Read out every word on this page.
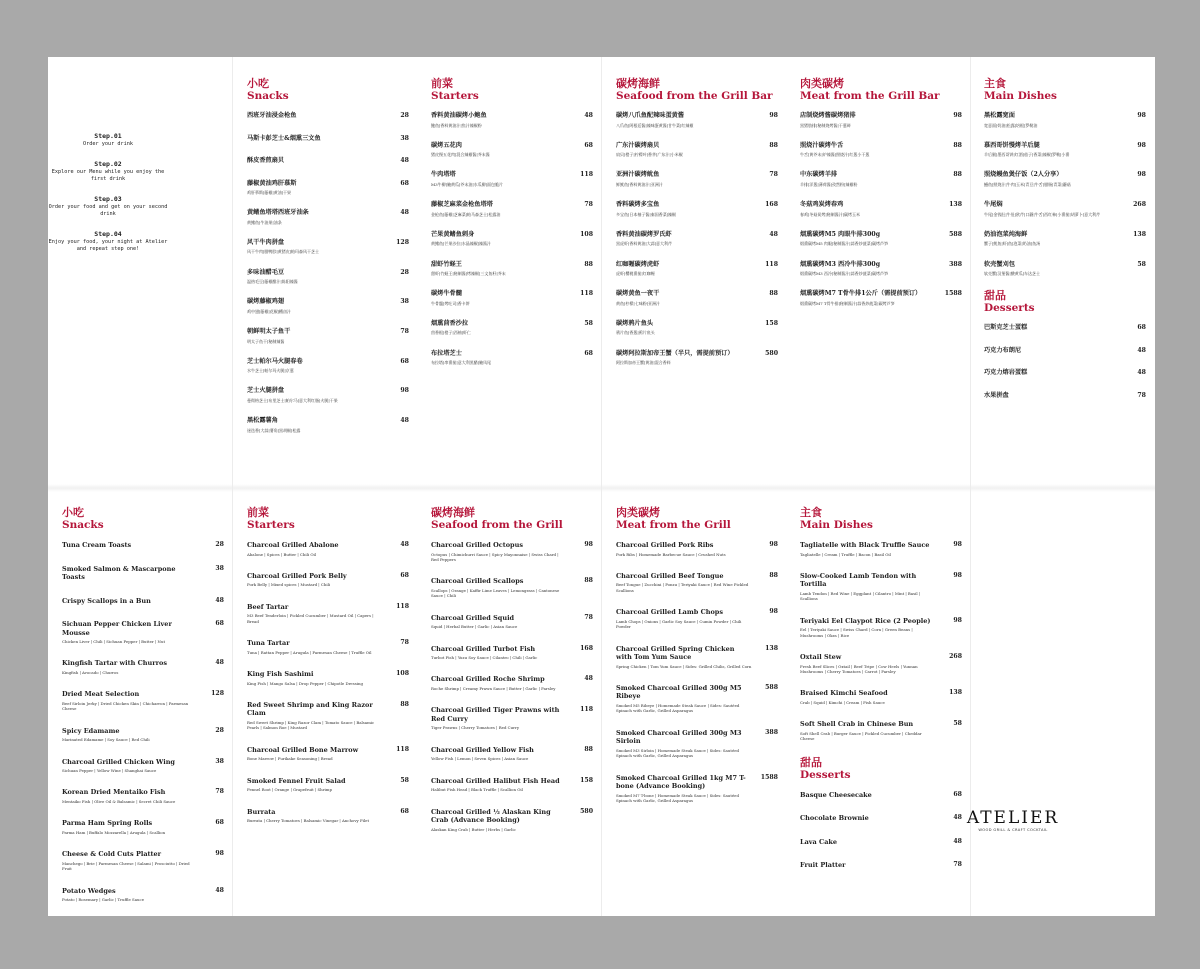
Step.01
Order your drink
Step.02
Explore our Menu while you enjoy the first drink
Step.03
Order your food and get on your second drink
Step.04
Enjoy your food, your night at Atelier and repeat step one!
小吃
Snacks
西班牙油浸金枪鱼	28
马斯卡彭芝士&烟熏三文鱼	38
酥皮香煎扇贝	48
藤椒黄油鸡肝慕斯
鸡肝慕斯|藤椒|黄油|干果
68
黄鳍鱼塔塔西班牙油条
黄鳍鱼|牛油果|油条
48
风干牛肉拼盘
风干牛肉|腊鸭胗|黄猪皮|帕玛森风干芝士
128
多味油醋毛豆
温热毛豆|藤椒醋汁|陈阳辣酱
28
碳烤藤椒鸡翅
鸡中翅|藤椒|花椒|糟卤汁
38
朝鲜明太子鱼干
明太子鱼干|秘制辣酱
78
芝士帕尔马火腿春卷
水牛芝士|帕尔玛火腿|京葱
68
芝士火腿拼盘
曼彻格芝士|布里芝士|帕尔马|意大利红脂|火腿|干果
98
黑松露薯角
迷迭香|大蒜|薯角|黑胡椒|松露
48
前菜
Starters
香料黄油碳烤小鲍鱼
鲍鱼|香料黄油汁|焦汁辣椒粉
48
碳烤五花肉
猪皮慢五花肉|混合辣椒酱|芥末酱
68
牛肉塔塔
M3牛柳|腌黄瓜|芥末油|水瓜柳|面包脆片
118
藤椒芝麻菜金枪鱼塔塔
金枪鱼|藤椒|芝麻菜|帕马森芝士|松露油
78
芒果黄鳍鱼刺身
黄鳍鱼|芒果沙拉|水晶辣椒|辣酱汁
108
甜虾竹蛏王
甜虾|竹蛏王|秘制酱|烤辣椒|三文鱼籽|芥末
88
碳烤牛骨髓
牛骨髓|烤吐司|香卡饼
118
烟熏茴香沙拉
茴香根|橙子|西柚|虾仁
58
布拉塔芝士
布拉塔|串番茄|意大利黑醋|腌凤尾
68
碳烤海鲜
Seafood from the Grill Bar
碳烤八爪鱼配辣味蛋黄酱
八爪鱼|阿根廷酱|辣味蛋黄酱|甘牛菜|红辣椒
98
广东汁碳烤扇贝
扇贝|橙子|柠檬叶|香茅|广东汁|小米椒
88
亚洲汁碳烤鱿鱼
鲜鱿鱼|香料黄油汁|亚洲汁
78
香料碳烤多宝鱼
多宝鱼|日本柚子酱|秦国香菜|辣椒
168
香料黄油碳烤罗氏虾
黑虎虾|香料黄油|大蒜|意大利芹
48
红咖喱碳烤虎虾
虎虾|樱桃番茄|红咖喱
118
碳烤黄鱼一夜干
黄鱼|柠檬|七味粉|亚洲汁
88
碳烤鸦片鱼头
鸦片鱼|香葱|鸦片鱼头
158
碳烤阿拉斯加帝王蟹（半只，需提前预订）
阿拉斯加帝王蟹|黄油|混合香料
580
肉类碳烤
Meat from the Grill Bar
店制烧烤酱碳烤猪排
黑猪肋排|秘制烧烤酱|干葱碎
98
照烧汁碳烤牛舌
牛舌|黄芥末|炉辣酱|照烧汁|红葱小干葱
88
中东碳烤羊排
羊排|洋葱|薄荷酱|孜然粉|辣椒粉
88
冬菇鸡炭烤春鸡
春鸡|冬菇炭烤|秘制酱汁|碳烤玉米
138
烟熏碳烤M5 肉眼牛排300g
烟熏碳烤M5 肉眼|秘制酱汁|蒜香炒菠菜|碳烤芦笋
588
烟熏碳烤M3 西冷牛排300g
烟熏碳烤M3 西冷|秘制酱汁|蒜香炒菠菜|碳烤芦笋
388
烟熏碳烤M7 T骨牛排1公斤（需提前预订）
烟熏碳烤M7 T骨牛排|秘制酱汁|蒜香炒菠菜|碳烤芦笋
1588
主食
Main Dishes
黑松露宽面
宽意面|奶油|松露|培根|罗勒油
98
慕西哥饼慢烤羊后腿
羊后腿|墨西哥饼|红酒|茄子|香菜|辣椒|罗勒|小番
98
照烧鳗鱼煲仔饭（2人分享）
鳗鱼|照烧汁|牛肉|玉米|青豆|牛舌|腊肠|青菜|蘑菇
98
牛尾焖
牛尾|金钱肚|牛肚|欧芹|口蘑|牛舌|西红柿|小番茄|胡萝卜|意大利芹
268
奶油泡菜炖海鲜
蟹子|鱿鱼|虾|鱼|泡菜|奶油|鱼汤
138
软壳蟹刈包
软壳蟹|汉堡酱|酸黄瓜|车达芝士
58
甜品
Desserts
巴斯克芝士蛋糕	68
巧克力布朗尼	48
巧克力熔岩蛋糕	48
水果拼盘	78
小吃
Snacks
Tuna Cream Toasts	28
Smoked Salmon & Mascarpone Toasts
38
Crispy Scallops in a Bun	48
Sichuan Pepper Chicken Liver Mousse
Chicken Liver | Chili | Sichuan Pepper | Butter | Nut
68
Kingfish Tartar with Churros
Kingfish | Avocado | Churros
48
Dried Meat Selection
Beef Sirloin Jerky | Dried Chicken Skin | Chicharron | Parmesan Cheese
128
Spicy Edamame
Marinated Edamame | Soy Sauce | Red Chili
28
Charcoal Grilled Chicken Wing
Sichuan Pepper | Yellow Wine | Shanghai Sauce
38
Korean Dried Mentaiko Fish
Mentaiko Fish | Olive Oil & Balsamic | Secret Chili Sauce
78
Parma Ham Spring Rolls
Parma Ham | Buffalo Mozzarella | Arugula | Scallion
68
Cheese & Cold Cuts Platter
Manchego | Brie | Parmesan Cheese | Salami | Prosciutto | Dried Fruit
98
Potato Wedges
Potato | Rosemary | Garlic | Truffle Sauce
48
前菜
Starters
Charcoal Grilled Abalone
Abalone | Spices | Butter | Chili Oil
48
Charcoal Grilled Pork Belly
Pork Belly | Mixed spices | Mustard | Chili
68
Beef Tartar
M3 Beef Tenderloin | Pickled Cucumber | Mustard Oil | Capers | Bread
118
Tuna Tartar
Tuna | Rattan Pepper | Arugula | Parmesan Cheese | Truffle Oil
78
King Fish Sashimi
King Fish | Mango Salsa | Drop Pepper | Chipotle Dressing
108
Red Sweet Shrimp and King Razor Clam
Red Sweet Shrimp | King Razor Clam | Tomato Sauce | Balsamic Pearls | Salmon Roe | Mustard
88
Charcoal Grilled Bone Marrow
Bone Marrow | Furikake Seasoning | Bread
118
Smoked Fennel Fruit Salad
Fennel Root | Orange | Grapefruit | Shrimp
58
Burrata
Burrata | Cherry Tomatoes | Balsamic Vinegar | Anchovy Filet
68
碳烤海鲜
Seafood from the Grill
Charcoal Grilled Octopus
Octopus | Chimichurri Sauce | Spicy Mayonnaise | Swiss Chard | Red Peppers
98
Charcoal Grilled Scallops
Scallops | Orange | Kaffir Lime Leaves | Lemongrass | Cantonese Sauce | Chili
88
Charcoal Grilled Squid
Squid | Herbal Butter | Garlic | Asian Sauce
78
Charcoal Grilled Turbot Fish
Turbot Fish | Yuzu Soy Sauce | Cilantro | Chili | Garlic
168
Charcoal Grilled Roche Shrimp
Roche Shrimp | Creamy Prawn Sauce | Butter | Garlic | Parsley
48
Charcoal Grilled Tiger Prawns with Red Curry
Tiger Prawns | Cherry Tomatoes | Red Curry
118
Charcoal Grilled Yellow Fish
Yellow Fish | Lemon | Seven Spices | Asian Sauce
88
Charcoal Grilled Halibut Fish Head
Halibut Fish Head | Black Truffle | Scallion Oil
158
Charcoal Grilled ½ Alaskan King Crab (Advance Booking)
Alaskan King Crab | Butter | Herbs | Garlic
580
肉类碳烤
Meat from the Grill
Charcoal Grilled Pork Ribs
Pork Ribs | Homemade Barbecue Sauce | Crushed Nuts
98
Charcoal Grilled Beef Tongue
Beef Tongue | Zucchini | Ponzu | Teriyaki Sauce | Red Wine Pickled Scallions
88
Charcoal Grilled Lamb Chops
Lamb Chops | Onions | Garlic Soy Sauce | Cumin Powder | Chili Powder
98
Charcoal Grilled Spring Chicken with Tom Yum Sauce
Spring Chicken | Tom Yum Sauce | Sides: Grilled Chilis, Grilled Corn
138
Smoked Charcoal Grilled 300g M5 Ribeye
Smoked M5 Ribeye | Homemade Steak Sauce | Sides: Sautéed Spinach with Garlic, Grilled Asparagus
588
Smoked Charcoal Grilled 300g M3 Sirloin
Smoked M3 Sirloin | Homemade Steak Sauce | Sides: Sautéed Spinach with Garlic, Grilled Asparagus
388
Smoked Charcoal Grilled 1kg M7 T-bone (Advance Booking)
Smoked M7 T-bone | Homemade Steak Sauce | Sides: Sautéed Spinach with Garlic, Grilled Asparagus
1588
主食
Main Dishes
Tagliatelle with Black Truffle Sauce
Tagliatelle | Cream | Truffle | Bacon | Basil Oil
98
Slow-Cooked Lamb Tendon with Tortilla
Lamb Tendon | Red Wine | Eggplant | Cilantro | Mint | Basil | Scallions
98
Teriyaki Eel Claypot Rice (2 People)
Eel | Teriyaki Sauce | Swiss Chard | Corn | Green Beans | Mushrooms | Okra | Rice
98
Oxtail Stew
Fresh Beef Slices | Oxtail | Beef Tripe | Cow Heels | Yunnan Mushrooms | Cherry Tomatoes | Carrot | Parsley
268
Braised Kimchi Seafood
Crab | Squid | Kimchi | Cream | Fish Sauce
138
Soft Shell Crab in Chinese Bun
Soft Shell Crab | Burger Sauce | Pickled Cucumber | Cheddar Cheese
58
甜品
Desserts
Basque Cheesecake	68
Chocolate Brownie	48
Lava Cake	48
Fruit Platter	78
ATELIER
WOOD GRILL & CRAFT COCKTAIL
